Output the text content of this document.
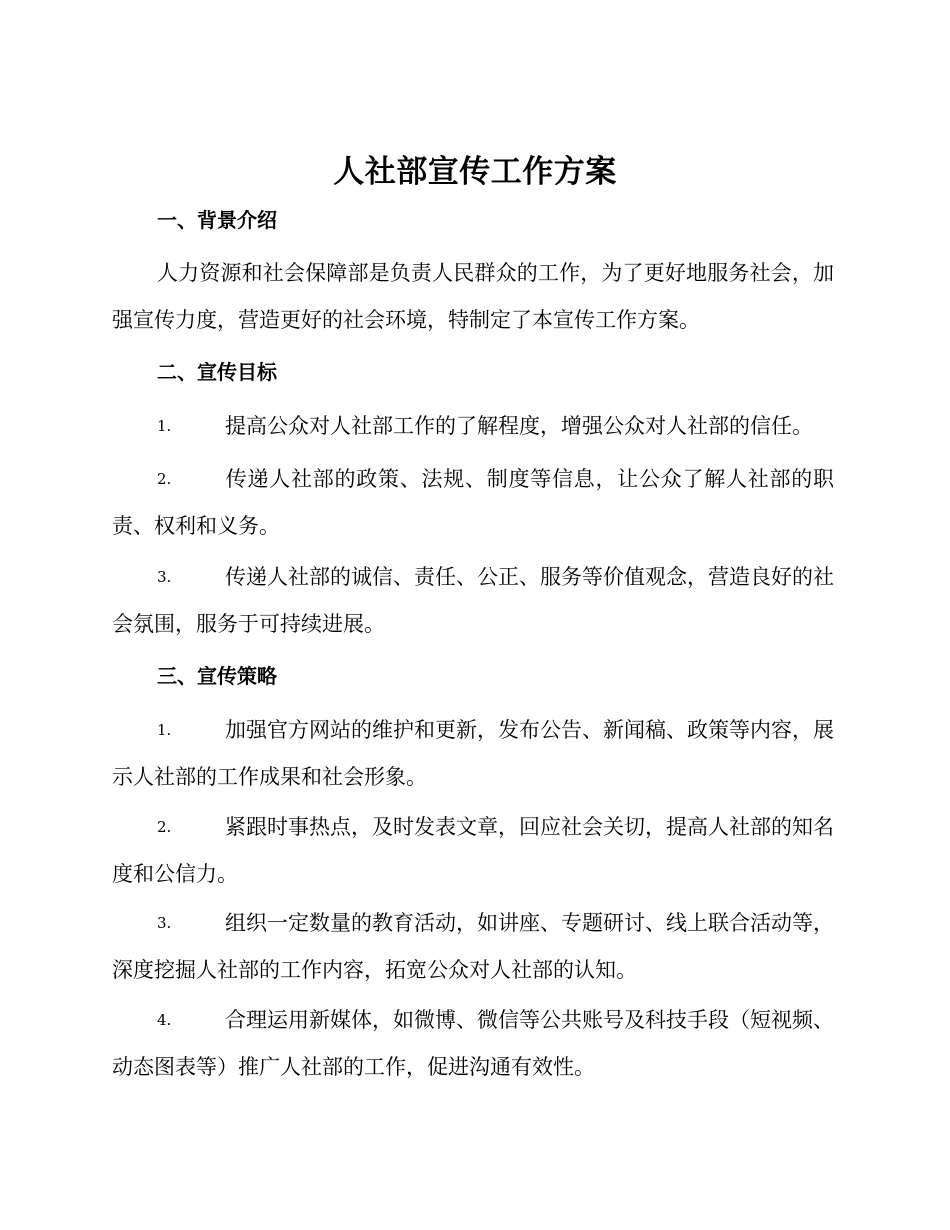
人社部宣传工作方案
一、背景介绍
人力资源和社会保障部是负责人民群众的工作，为了更好地服务社会，加强宣传力度，营造更好的社会环境，特制定了本宣传工作方案。
二、宣传目标
1.	提高公众对人社部工作的了解程度，增强公众对人社部的信任。
2.	传递人社部的政策、法规、制度等信息，让公众了解人社部的职责、权利和义务。
3.	传递人社部的诚信、责任、公正、服务等价值观念，营造良好的社会氛围，服务于可持续进展。
三、宣传策略
1.	加强官方网站的维护和更新，发布公告、新闻稿、政策等内容，展示人社部的工作成果和社会形象。
2.	紧跟时事热点，及时发表文章，回应社会关切，提高人社部的知名度和公信力。
3.	组织一定数量的教育活动，如讲座、专题研讨、线上联合活动等，深度挖掘人社部的工作内容，拓宽公众对人社部的认知。
4.	合理运用新媒体，如微博、微信等公共账号及科技手段（短视频、动态图表等）推广人社部的工作，促进沟通有效性。
